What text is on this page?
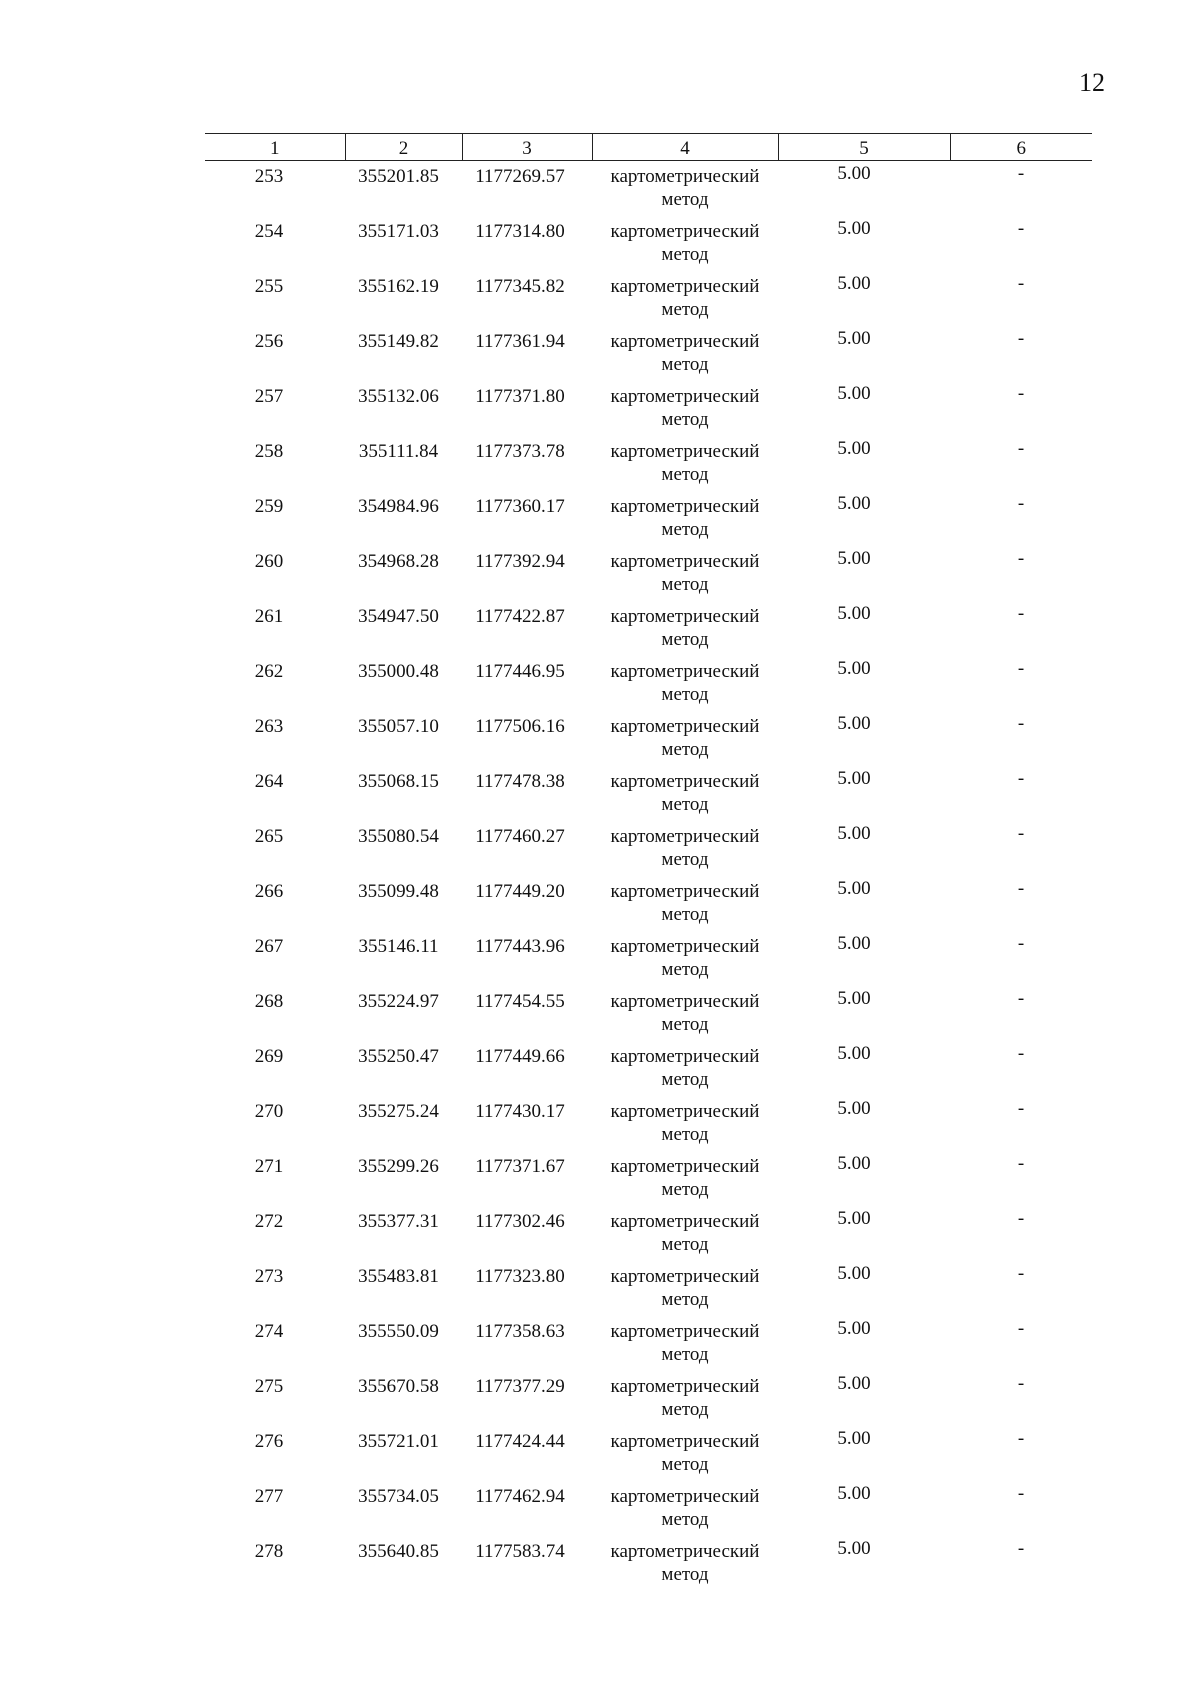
12
1	2	3	4	5	6
253	355201.85	1177269.57	картометрический
метод	5.00	-
254	355171.03	1177314.80	картометрический
метод	5.00	-
255	355162.19	1177345.82	картометрический
метод	5.00	-
256	355149.82	1177361.94	картометрический
метод	5.00	-
257	355132.06	1177371.80	картометрический
метод	5.00	-
258	355111.84	1177373.78	картометрический
метод	5.00	-
259	354984.96	1177360.17	картометрический
метод	5.00	-
260	354968.28	1177392.94	картометрический
метод	5.00	-
261	354947.50	1177422.87	картометрический
метод	5.00	-
262	355000.48	1177446.95	картометрический
метод	5.00	-
263	355057.10	1177506.16	картометрический
метод	5.00	-
264	355068.15	1177478.38	картометрический
метод	5.00	-
265	355080.54	1177460.27	картометрический
метод	5.00	-
266	355099.48	1177449.20	картометрический
метод	5.00	-
267	355146.11	1177443.96	картометрический
метод	5.00	-
268	355224.97	1177454.55	картометрический
метод	5.00	-
269	355250.47	1177449.66	картометрический
метод	5.00	-
270	355275.24	1177430.17	картометрический
метод	5.00	-
271	355299.26	1177371.67	картометрический
метод	5.00	-
272	355377.31	1177302.46	картометрический
метод	5.00	-
273	355483.81	1177323.80	картометрический
метод	5.00	-
274	355550.09	1177358.63	картометрический
метод	5.00	-
275	355670.58	1177377.29	картометрический
метод	5.00	-
276	355721.01	1177424.44	картометрический
метод	5.00	-
277	355734.05	1177462.94	картометрический
метод	5.00	-
278	355640.85	1177583.74	картометрический
метод	5.00	-
